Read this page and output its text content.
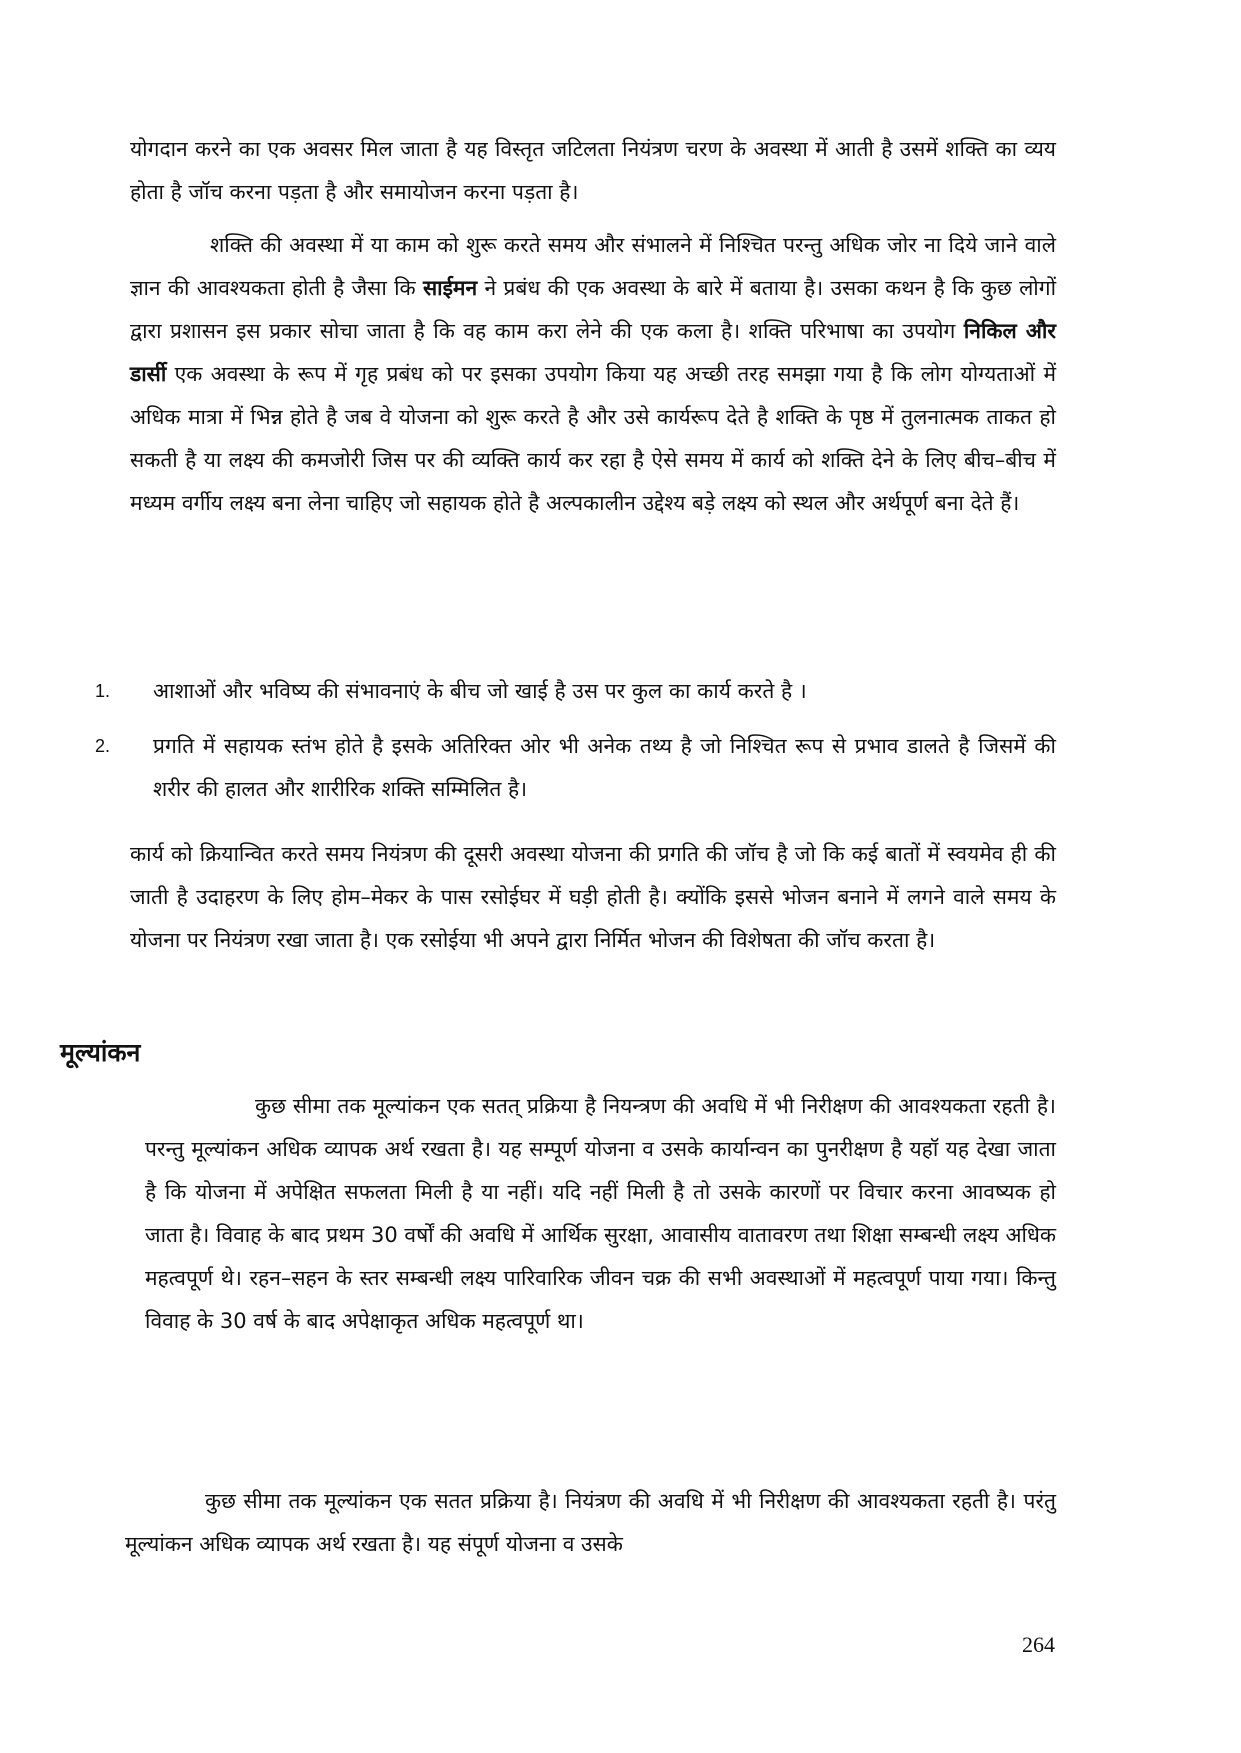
योगदान करने का एक अवसर मिल जाता है यह विस्तृत जटिलता नियंत्रण चरण के अवस्था में आती है उसमें शक्ति का व्यय होता है जॉच करना पड़ता है और समायोजन करना पड़ता है।

शक्ति की अवस्था में या काम को शुरू करते समय और संभालने में निश्चित परन्तु अधिक जोर ना दिये जाने वाले ज्ञान की आवश्यकता होती है जैसा कि साईमन ने प्रबंध की एक अवस्था के बारे में बताया है। उसका कथन है कि कुछ लोगों द्वारा प्रशासन इस प्रकार सोचा जाता है कि वह काम करा लेने की एक कला है। शक्ति परिभाषा का उपयोग निकिल और डार्सी एक अवस्था के रूप में गृह प्रबंध को पर इसका उपयोग किया यह अच्छी तरह समझा गया है कि लोग योग्यताओं में अधिक मात्रा में भिन्न होते है जब वे योजना को शुरू करते है और उसे कार्यरूप देते है शक्ति के पृष्ठ में तुलनात्मक ताकत हो सकती है या लक्ष्य की कमजोरी जिस पर की व्यक्ति कार्य कर रहा है ऐसे समय में कार्य को शक्ति देने के लिए बीच–बीच में मध्यम वर्गीय लक्ष्य बना लेना चाहिए जो सहायक होते है अल्पकालीन उद्देश्य बड़े लक्ष्य को स्थल और अर्थपूर्ण बना देते हैं।

1.	आशाओं और भविष्य की संभावनाएं के बीच जो खाई है उस पर कुल का कार्य करते है ।
2.	प्रगति में सहायक स्तंभ होते है इसके अतिरिक्त ओर भी अनेक तथ्य है जो निश्चित रूप से प्रभाव डालते है जिसमें की शरीर की हालत और शारीरिक शक्ति सम्मिलित है।

कार्य को क्रियान्वित करते समय नियंत्रण की दूसरी अवस्था योजना की प्रगति की जॉच है जो कि कई बातों में स्वयमेव ही की जाती है उदाहरण के लिए होम–मेकर के पास रसोईघर में घड़ी होती है। क्योंकि इससे भोजन बनाने में लगने वाले समय के योजना पर नियंत्रण रखा जाता है। एक रसोईया भी अपने द्वारा निर्मित भोजन की विशेषता की जॉच करता है।

मूल्यांकन

कुछ सीमा तक मूल्यांकन एक सतत् प्रक्रिया है नियन्त्रण की अवधि में भी निरीक्षण की आवश्यकता रहती है। परन्तु मूल्यांकन अधिक व्यापक अर्थ रखता है। यह सम्पूर्ण योजना व उसके कार्यान्वन का पुनरीक्षण है यहॉ यह देखा जाता है कि योजना में अपेक्षित सफलता मिली है या नहीं। यदि नहीं मिली है तो उसके कारणों पर विचार करना आवष्यक हो जाता है। विवाह के बाद प्रथम 30 वर्षों की अवधि में आर्थिक सुरक्षा, आवासीय वातावरण तथा शिक्षा सम्बन्धी लक्ष्य अधिक महत्वपूर्ण थे। रहन–सहन के स्तर सम्बन्धी लक्ष्य पारिवारिक जीवन चक्र की सभी अवस्थाओं में महत्वपूर्ण पाया गया। किन्तु विवाह के 30 वर्ष के बाद अपेक्षाकृत अधिक महत्वपूर्ण था।

कुछ सीमा तक मूल्यांकन एक सतत प्रक्रिया है। नियंत्रण की अवधि में भी निरीक्षण की आवश्यकता रहती है। परंतु मूल्यांकन अधिक व्यापक अर्थ रखता है। यह संपूर्ण योजना व उसके

264
